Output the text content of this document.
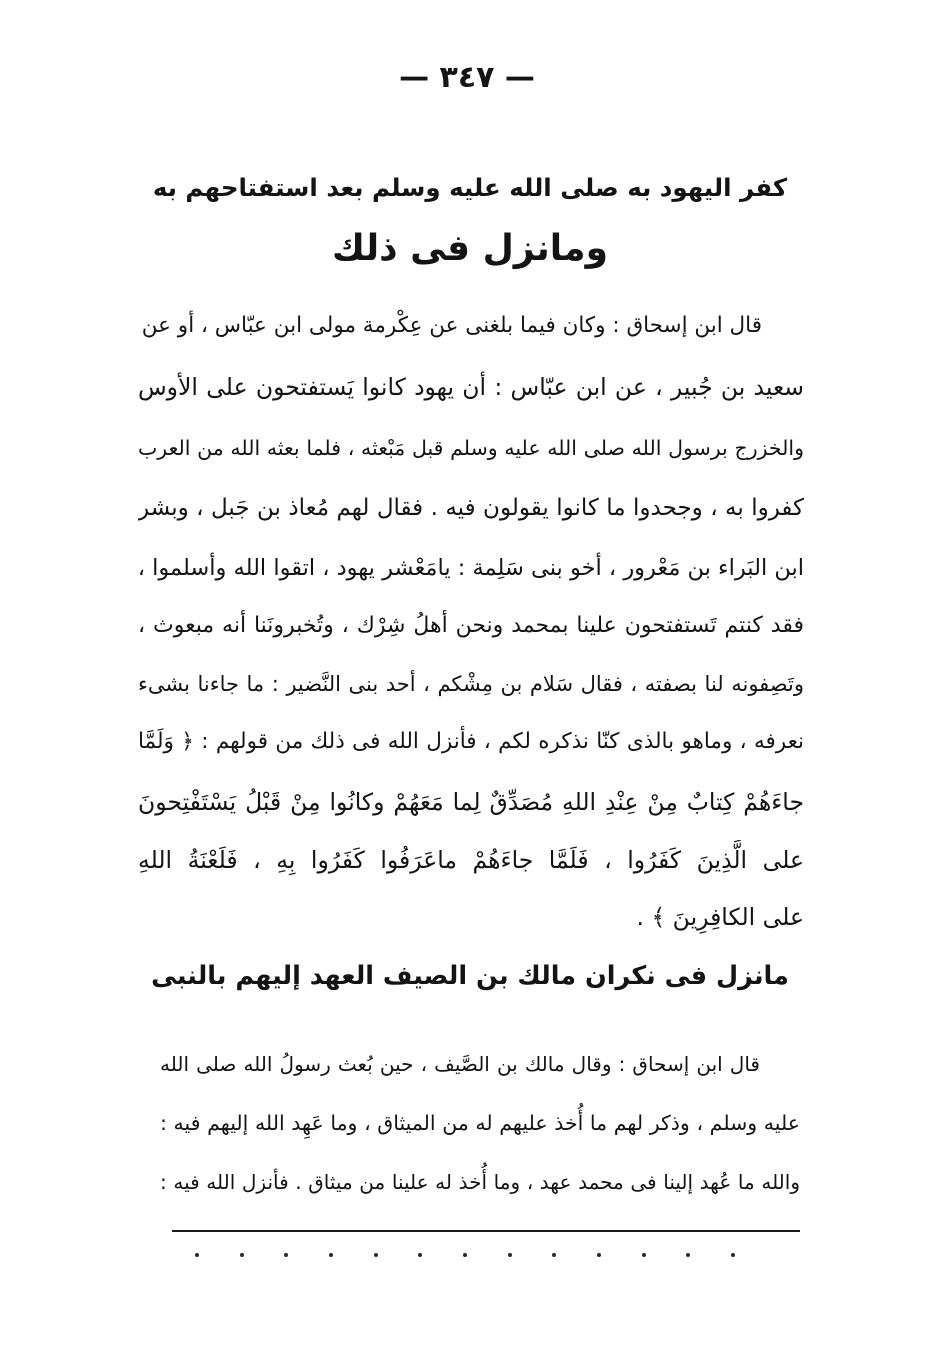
— ٣٤٧ —
كفر اليهود به صلى الله عليه وسلم بعد استفتاحهم به
ومانزل فى ذلك
قال ابن إسحاق : وكان فيما بلغنى عن عِكْرمة مولى ابن عبّاس ، أو عن
سعيد بن جُبير ، عن ابن عبّاس : أن يهود كانوا يَستفتحون على الأوس
والخزرج برسول الله صلى الله عليه وسلم قبل مَبْعثه ، فلما بعثه الله من العرب
كفروا به ، وجحدوا ما كانوا يقولون فيه . فقال لهم مُعاذ بن جَبل ، وبشر
ابن البَراء بن مَعْرور ، أخو بنى سَلِمة : يامَعْشر يهود ، اتقوا الله وأسلموا ،
فقد كنتم تَستفتحون علينا بمحمد ونحن أهلُ شِرْك ، وتُخبرونَنا أنه مبعوث ،
وتَصِفونه لنا بصفته ، فقال سَلام بن مِشْكم ، أحد بنى النَّضير : ما جاءنا بشىء
نعرفه ، وماهو بالذى كنّا نذكره لكم ، فأنزل الله فى ذلك من قولهم : ﴿ وَلَمَّا
جاءَهُمْ كِتابٌ مِنْ عِنْدِ اللهِ مُصَدِّقٌ لِما مَعَهُمْ وكانُوا مِنْ قَبْلُ يَسْتَفْتِحونَ
على الَّذِينَ كَفَرُوا ، فَلَمَّا جاءَهُمْ ماعَرَفُوا كَفَرُوا بِهِ ، فَلَعْنَةُ اللهِ
على الكافِرِينَ ﴾ .
مانزل فى نكران مالك بن الصيف العهد إليهم بالنبى
قال ابن إسحاق : وقال مالك بن الصَّيف ، حين بُعث رسولُ الله صلى الله
عليه وسلم ، وذكر لهم ما أُخذ عليهم له من الميثاق ، وما عَهِد الله إليهم فيه :
والله ما عُهد إلينا فى محمد عهد ، وما أُخذ له علينا من ميثاق . فأنزل الله فيه :
